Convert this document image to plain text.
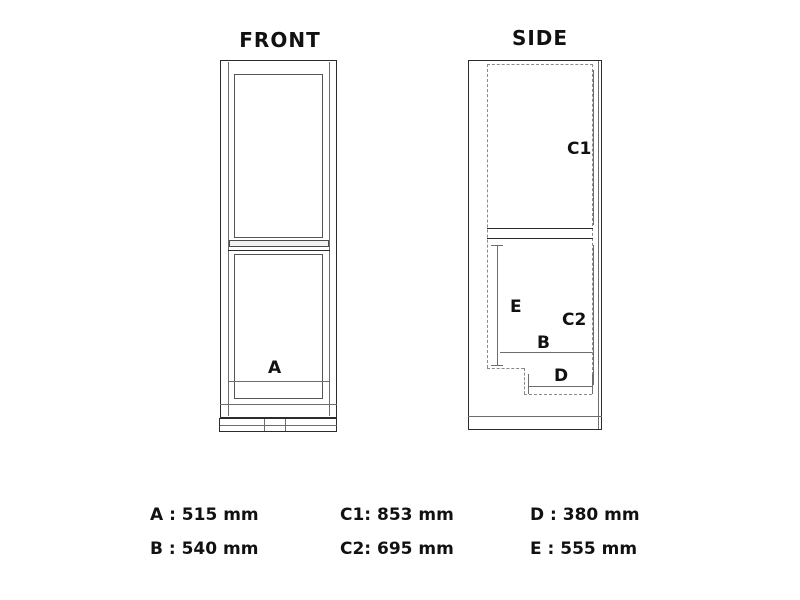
FRONT	SIDE
A
C1
C2
E
B
D
A : 515 mm	C1: 853 mm	D : 380 mm
B : 540 mm	C2: 695 mm	E : 555 mm
